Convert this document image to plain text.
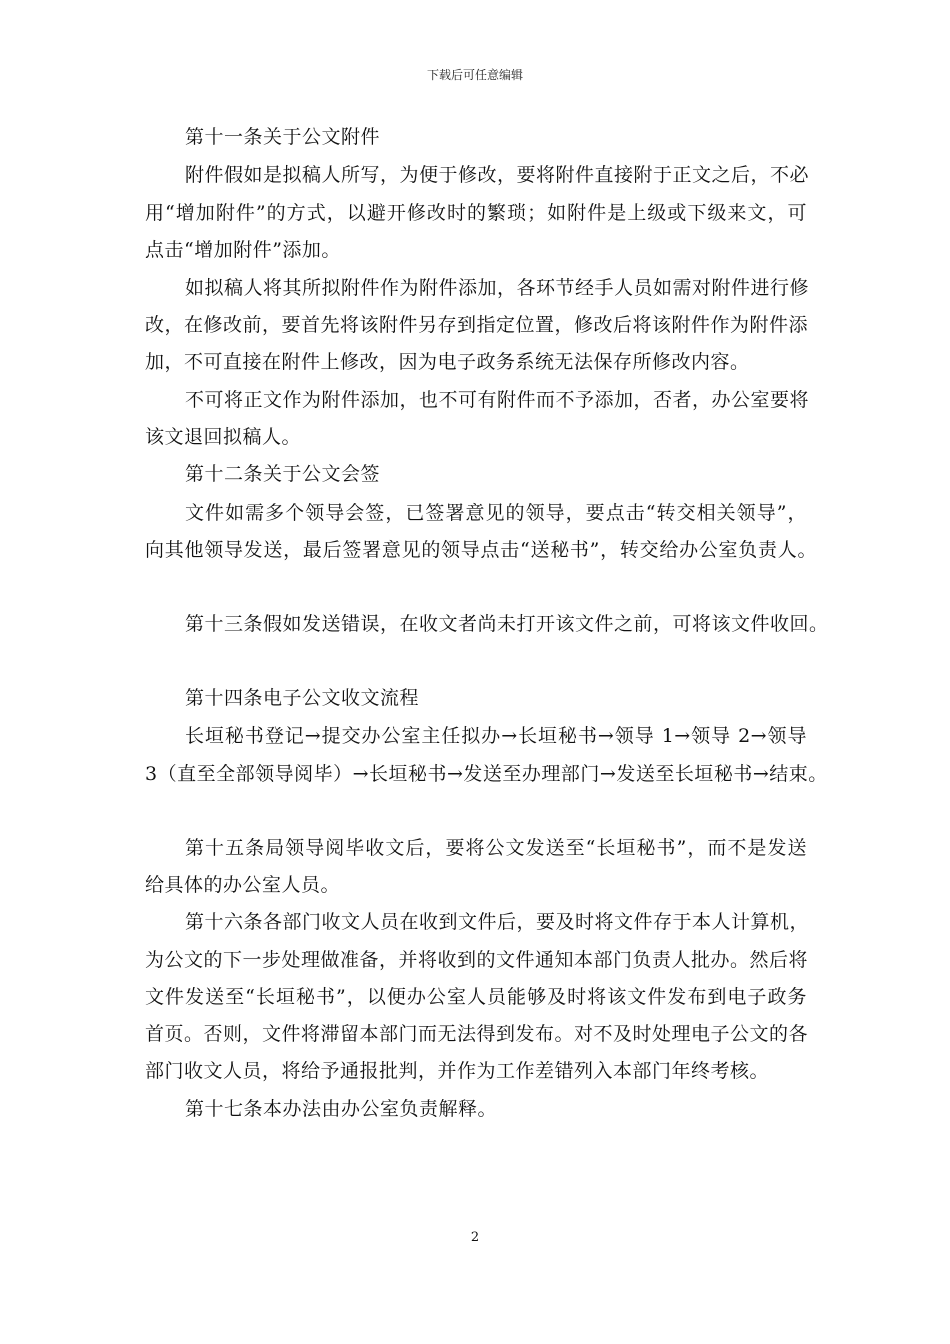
下载后可任意编辑
第十一条关于公文附件
附件假如是拟稿人所写，为便于修改，要将附件直接附于正文之后，不必
用“增加附件”的方式，以避开修改时的繁琐；如附件是上级或下级来文，可
点击“增加附件”添加。
如拟稿人将其所拟附件作为附件添加，各环节经手人员如需对附件进行修
改，在修改前，要首先将该附件另存到指定位置，修改后将该附件作为附件添
加，不可直接在附件上修改，因为电子政务系统无法保存所修改内容。
不可将正文作为附件添加，也不可有附件而不予添加，否者，办公室要将
该文退回拟稿人。
第十二条关于公文会签
文件如需多个领导会签，已签署意见的领导，要点击“转交相关领导”，
向其他领导发送，最后签署意见的领导点击“送秘书”，转交给办公室负责人。
第十三条假如发送错误，在收文者尚未打开该文件之前，可将该文件收回。
第十四条电子公文收文流程
长垣秘书登记→提交办公室主任拟办→长垣秘书→领导 1→领导 2→领导
3（直至全部领导阅毕）→长垣秘书→发送至办理部门→发送至长垣秘书→结束。
第十五条局领导阅毕收文后，要将公文发送至“长垣秘书”，而不是发送
给具体的办公室人员。
第十六条各部门收文人员在收到文件后，要及时将文件存于本人计算机，
为公文的下一步处理做准备，并将收到的文件通知本部门负责人批办。然后将
文件发送至“长垣秘书”，以便办公室人员能够及时将该文件发布到电子政务
首页。否则，文件将滞留本部门而无法得到发布。对不及时处理电子公文的各
部门收文人员，将给予通报批判，并作为工作差错列入本部门年终考核。
第十七条本办法由办公室负责解释。
2
